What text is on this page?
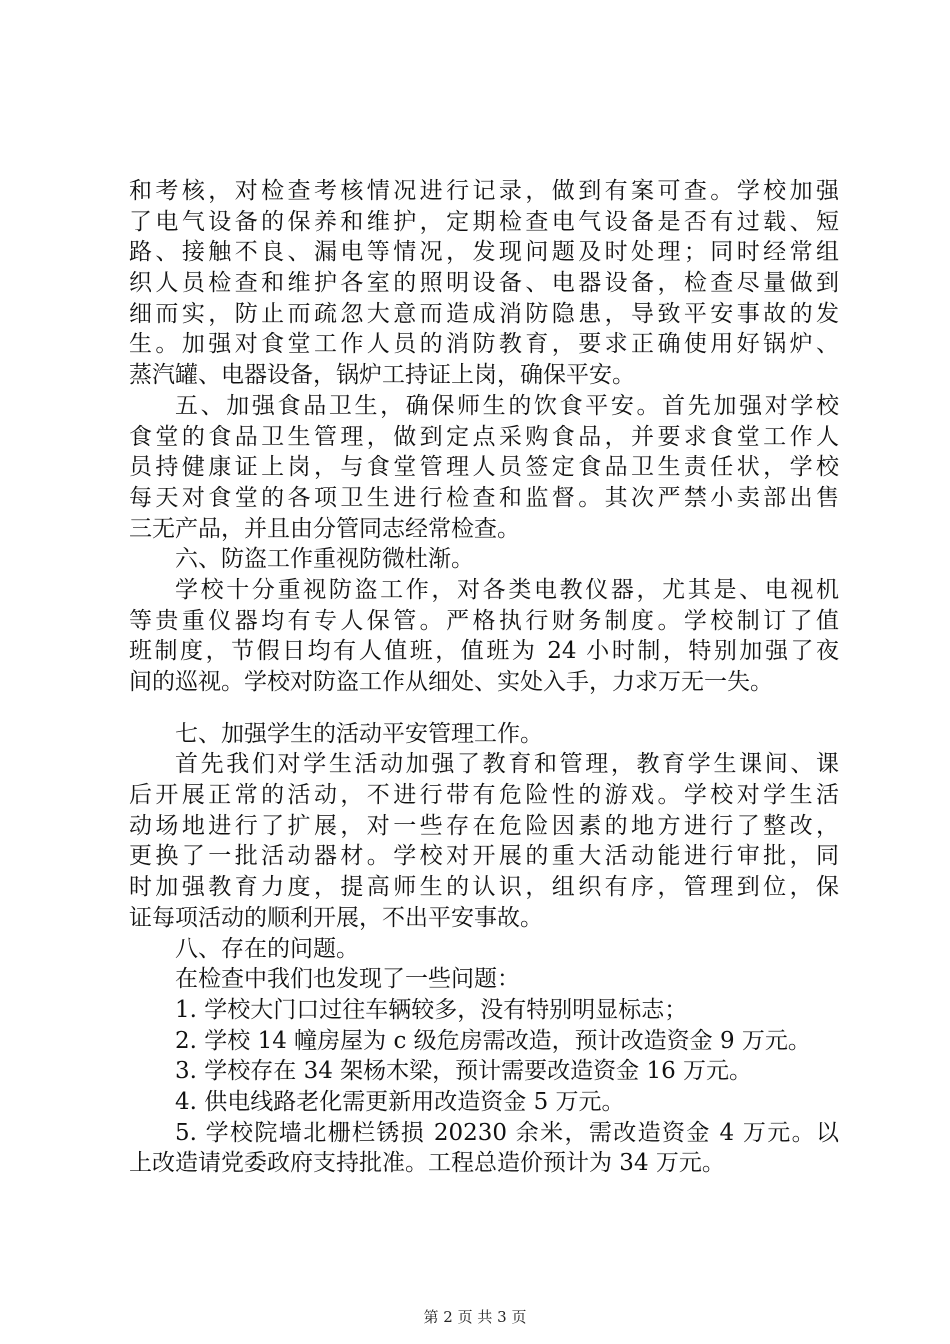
和考核，对检查考核情况进行记录，做到有案可查。学校加强
了电气设备的保养和维护，定期检查电气设备是否有过载、短
路、接触不良、漏电等情况，发现问题及时处理；同时经常组
织人员检查和维护各室的照明设备、电器设备，检查尽量做到
细而实，防止而疏忽大意而造成消防隐患，导致平安事故的发
生。加强对食堂工作人员的消防教育，要求正确使用好锅炉、
蒸汽罐、电器设备，锅炉工持证上岗，确保平安。
五、加强食品卫生，确保师生的饮食平安。首先加强对学校
食堂的食品卫生管理，做到定点采购食品，并要求食堂工作人
员持健康证上岗，与食堂管理人员签定食品卫生责任状，学校
每天对食堂的各项卫生进行检查和监督。其次严禁小卖部出售
三无产品，并且由分管同志经常检查。
六、防盗工作重视防微杜渐。
学校十分重视防盗工作，对各类电教仪器，尤其是、电视机
等贵重仪器均有专人保管。严格执行财务制度。学校制订了值
班制度，节假日均有人值班，值班为 24 小时制，特别加强了夜
间的巡视。学校对防盗工作从细处、实处入手，力求万无一失。
七、加强学生的活动平安管理工作。
首先我们对学生活动加强了教育和管理，教育学生课间、课
后开展正常的活动，不进行带有危险性的游戏。学校对学生活
动场地进行了扩展，对一些存在危险因素的地方进行了整改，
更换了一批活动器材。学校对开展的重大活动能进行审批，同
时加强教育力度，提高师生的认识，组织有序，管理到位，保
证每项活动的顺利开展，不出平安事故。
八、存在的问题。
在检查中我们也发现了一些问题：
1. 学校大门口过往车辆较多，没有特别明显标志；
2. 学校 14 幢房屋为 c 级危房需改造，预计改造资金 9 万元。
3. 学校存在 34 架杨木梁，预计需要改造资金 16 万元。
4. 供电线路老化需更新用改造资金 5 万元。
5. 学校院墙北栅栏锈损 20230 余米，需改造资金 4 万元。以
上改造请党委政府支持批准。工程总造价预计为 34 万元。
第 2 页 共 3 页
